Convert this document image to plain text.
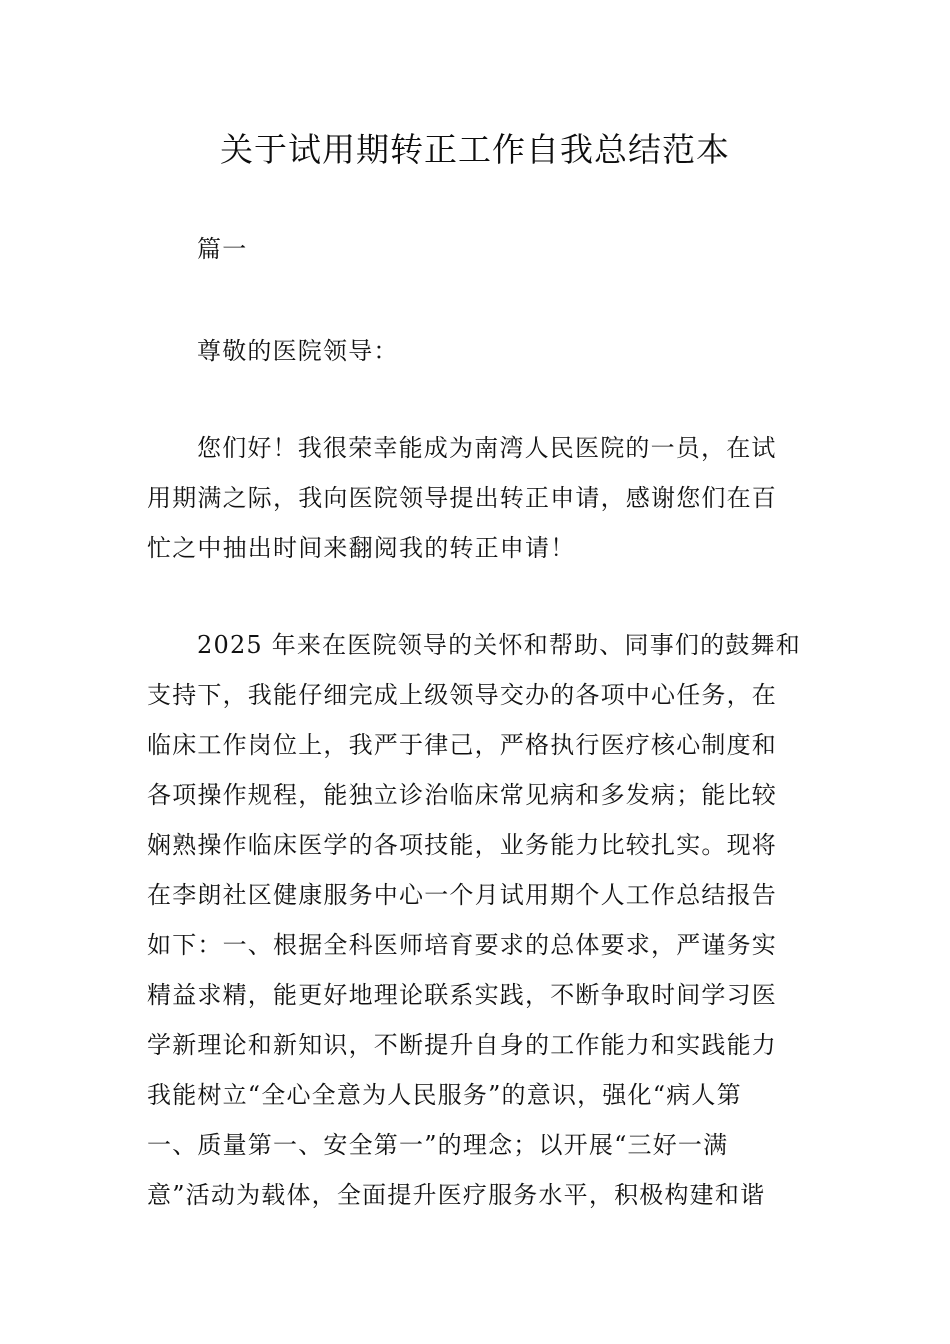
关于试用期转正工作自我总结范本
篇一
尊敬的医院领导：
您们好！我很荣幸能成为南湾人民医院的一员，在试
用期满之际，我向医院领导提出转正申请，感谢您们在百
忙之中抽出时间来翻阅我的转正申请！
2025 年来在医院领导的关怀和帮助、同事们的鼓舞和
支持下，我能仔细完成上级领导交办的各项中心任务，在
临床工作岗位上，我严于律己，严格执行医疗核心制度和
各项操作规程，能独立诊治临床常见病和多发病；能比较
娴熟操作临床医学的各项技能，业务能力比较扎实。现将
在李朗社区健康服务中心一个月试用期个人工作总结报告
如下：一、根据全科医师培育要求的总体要求，严谨务实
精益求精，能更好地理论联系实践，不断争取时间学习医
学新理论和新知识，不断提升自身的工作能力和实践能力
我能树立“全心全意为人民服务”的意识，强化“病人第
一、质量第一、安全第一”的理念；以开展“三好一满
意”活动为载体，全面提升医疗服务水平，积极构建和谐
